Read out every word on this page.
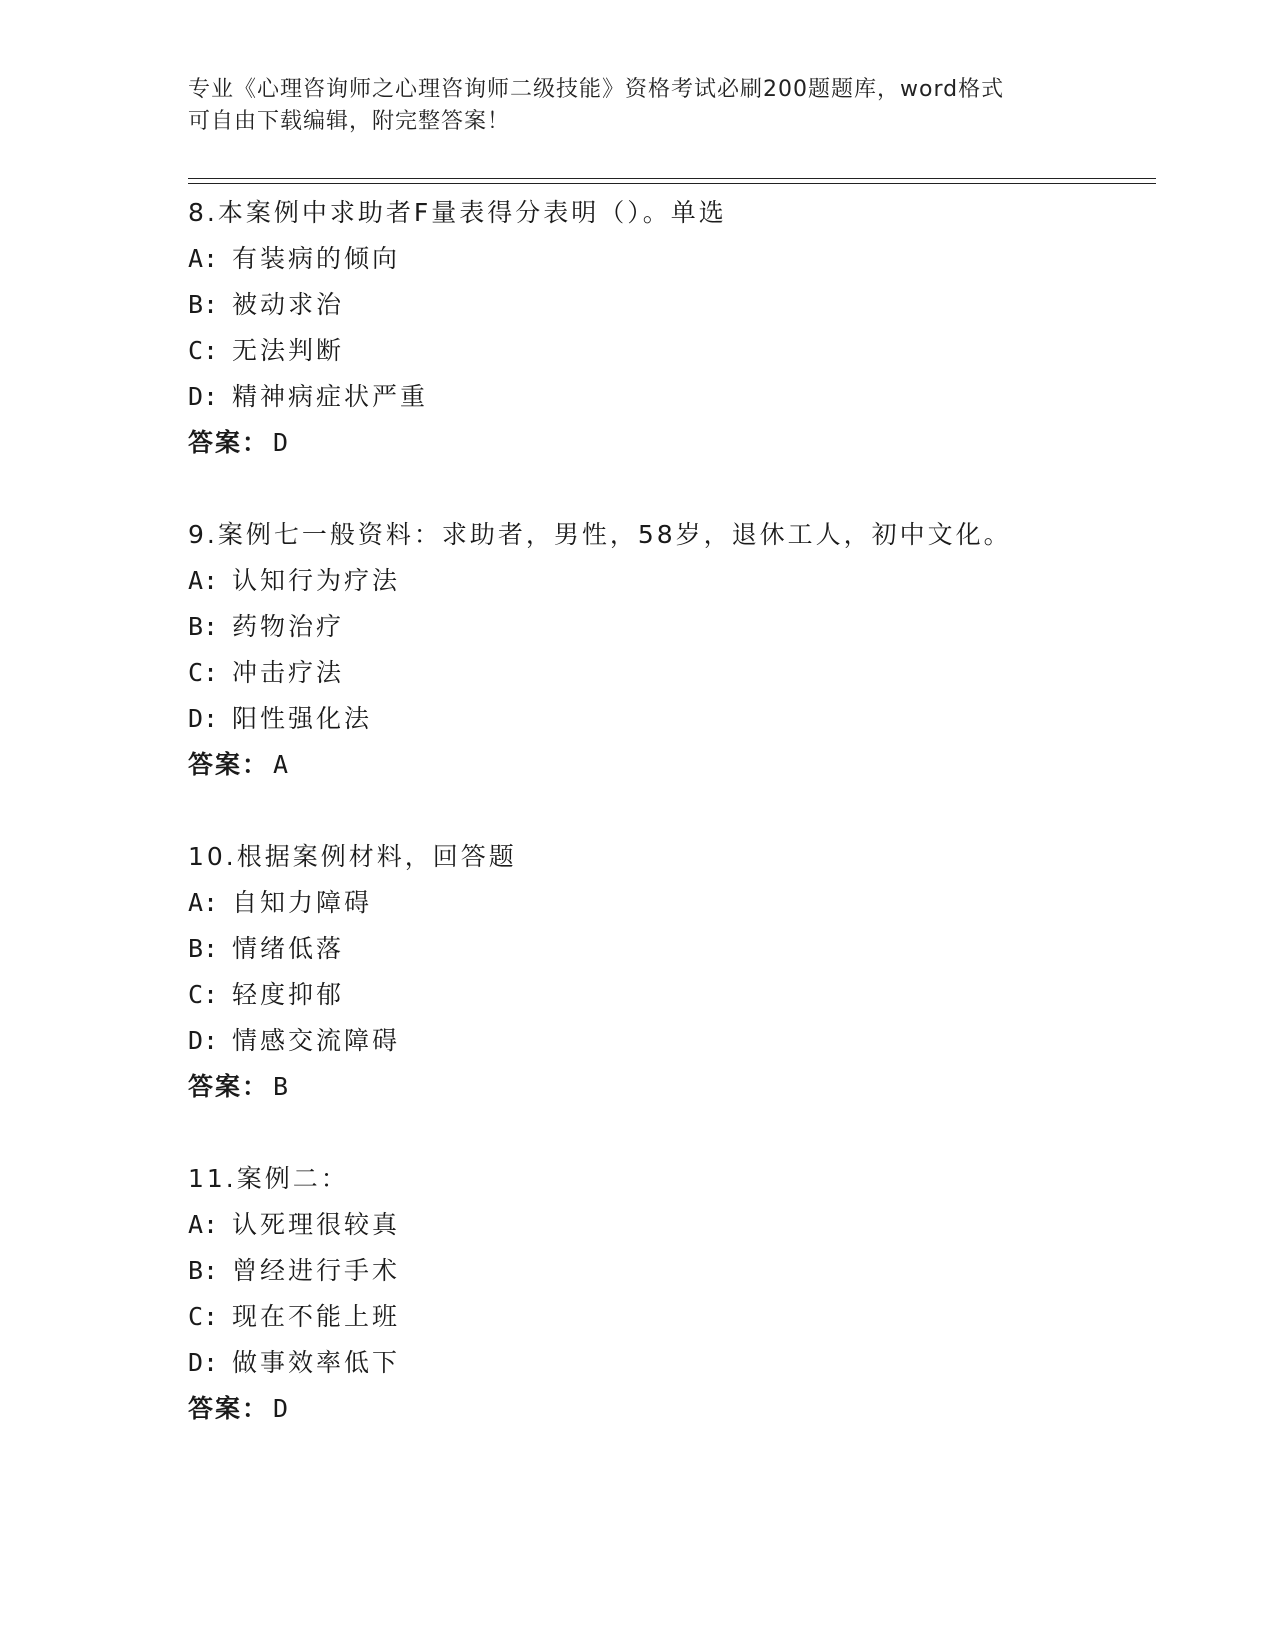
专业《心理咨询师之心理咨询师二级技能》资格考试必刷200题题库，word格式
可自由下载编辑，附完整答案！
8.本案例中求助者F量表得分表明（）。单选
A: 有装病的倾向
B: 被动求治
C: 无法判断
D: 精神病症状严重
答案： D
9.案例七一般资料：求助者，男性，58岁，退休工人，初中文化。
A: 认知行为疗法
B: 药物治疗
C: 冲击疗法
D: 阳性强化法
答案： A
10.根据案例材料，回答题
A: 自知力障碍
B: 情绪低落
C: 轻度抑郁
D: 情感交流障碍
答案： B
11.案例二：
A: 认死理很较真
B: 曾经进行手术
C: 现在不能上班
D: 做事效率低下
答案： D
